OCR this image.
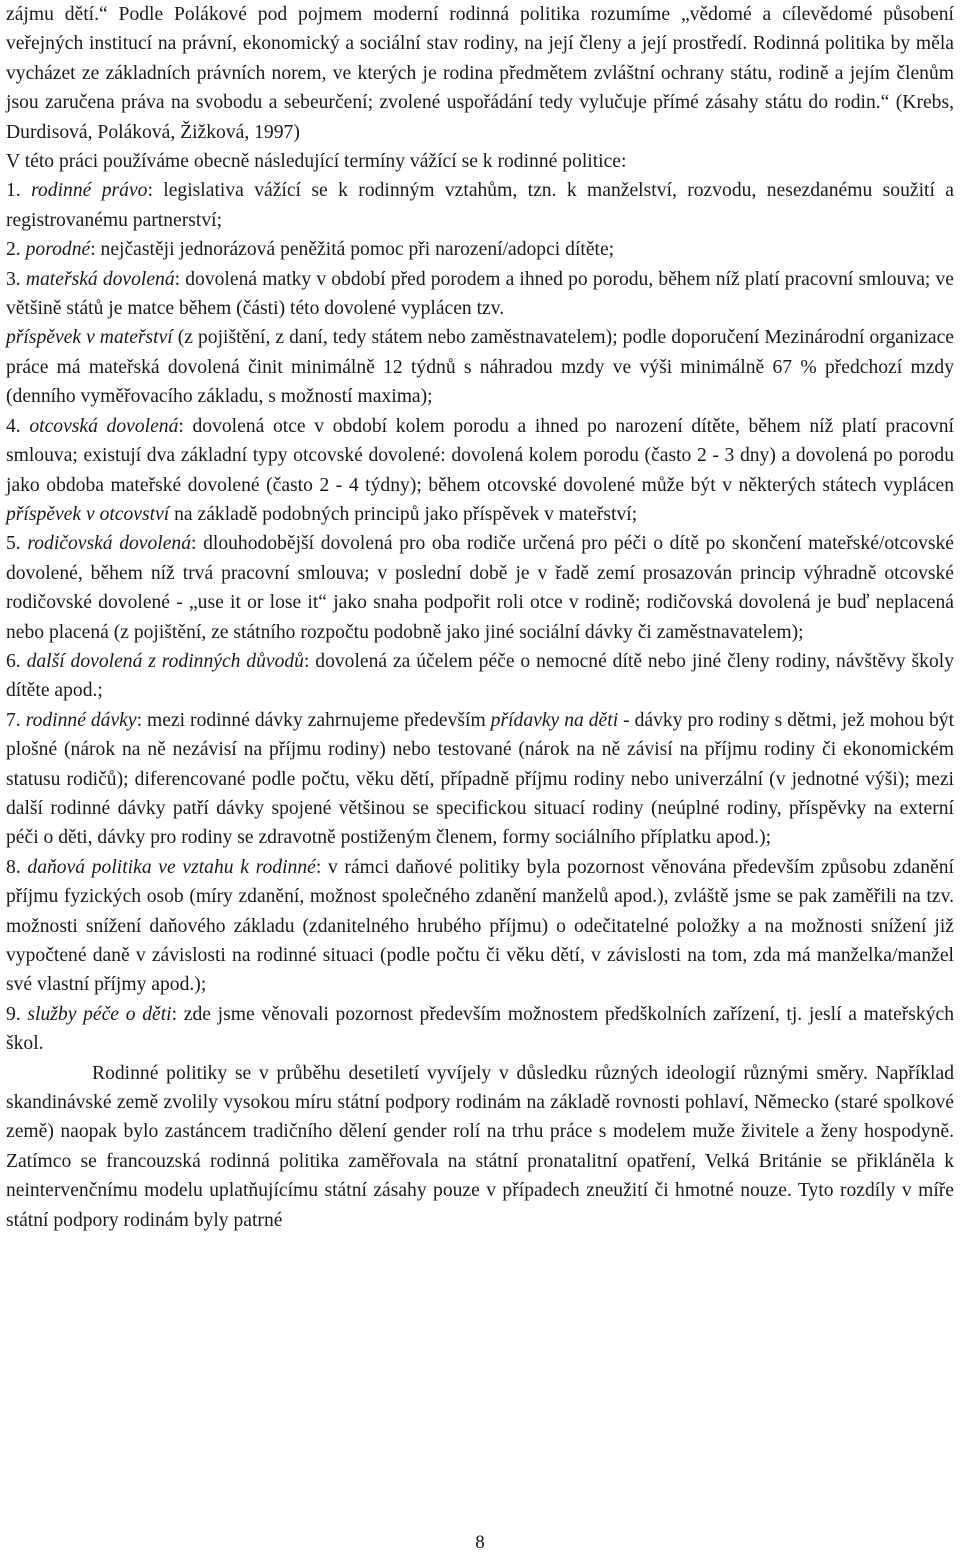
zájmu dětí.“ Podle Polákové pod pojmem moderní rodinná politika rozumíme „vědomé a cílevědomé působení veřejných institucí na právní, ekonomický a sociální stav rodiny, na její členy a její prostředí. Rodinná politika by měla vycházet ze základních právních norem, ve kterých je rodina předmětem zvláštní ochrany státu, rodině a jejím členům jsou zaručena práva na svobodu a sebeurčení; zvolené uspořádání tedy vylučuje přímé zásahy státu do rodin.“ (Krebs, Durdisová, Poláková, Žižková, 1997)

V této práci používáme obecně následující termíny vážící se k rodinné politice:

1. rodinné právo: legislativa vážící se k rodinným vztahům, tzn. k manželství, rozvodu, nesezdanému soužití a registrovanému partnerství;

2. porodné: nejčastěji jednorázová peněžitá pomoc při narození/adopci dítěte;

3. mateřská dovolená: dovolená matky v období před porodem a ihned po porodu, během níž platí pracovní smlouva; ve většině států je matce během (části) této dovolené vyplácen tzv.
příspěvek v mateřství (z pojištění, z daní, tedy státem nebo zaměstnavatelem); podle doporučení Mezinárodní organizace práce má mateřská dovolená činit minimálně 12 týdnů s náhradou mzdy ve výši minimálně 67 % předchozí mzdy (denního vyměřovacího základu, s možností maxima);

4. otcovská dovolená: dovolená otce v období kolem porodu a ihned po narození dítěte, během níž platí pracovní smlouva; existují dva základní typy otcovské dovolené: dovolená kolem porodu (často 2 - 3 dny) a dovolená po porodu jako obdoba mateřské dovolené (často 2 - 4 týdny); během otcovské dovolené může být v některých státech vyplácen příspěvek v otcovství na základě podobných principů jako příspěvek v mateřství;

5. rodičovská dovolená: dlouhodobější dovolená pro oba rodiče určená pro péči o dítě po skončení mateřské/otcovské dovolené, během níž trvá pracovní smlouva; v poslední době je v řadě zemí prosazován princip výhradně otcovské rodičovské dovolené - „use it or lose it“ jako snaha podpořit roli otce v rodině; rodičovská dovolená je buď neplacená nebo placená (z pojištění, ze státního rozpočtu podobně jako jiné sociální dávky či zaměstnavatelem);

6. další dovolená z rodinných důvodů: dovolená za účelem péče o nemocné dítě nebo jiné členy rodiny, návštěvy školy dítěte apod.;

7. rodinné dávky: mezi rodinné dávky zahrnujeme především přídavky na děti - dávky pro rodiny s dětmi, jež mohou být plošné (nárok na ně nezávisí na příjmu rodiny) nebo testované (nárok na ně závisí na příjmu rodiny či ekonomickém statusu rodičů); diferencované podle počtu, věku dětí, případně příjmu rodiny nebo univerzální (v jednotné výši); mezi další rodinné dávky patří dávky spojené většinou se specifickou situací rodiny (neúplné rodiny, příspěvky na externí péči o děti, dávky pro rodiny se zdravotně postiženým členem, formy sociálního příplatku apod.);

8. daňová politika ve vztahu k rodinné: v rámci daňové politiky byla pozornost věnována především způsobu zdanění příjmu fyzických osob (míry zdanění, možnost společného zdanění manželů apod.), zvláště jsme se pak zaměřili na tzv. možnosti snížení daňového základu (zdanitelného hrubého příjmu) o odečitatelné položky a na možnosti snížení již vypočtené daně v závislosti na rodinné situaci (podle počtu či věku dětí, v závislosti na tom, zda má manželka/manžel své vlastní příjmy apod.);

9. služby péče o děti: zde jsme věnovali pozornost především možnostem předškolních zařízení, tj. jeslí a mateřských škol.

Rodinné politiky se v průběhu desetiletí vyvíjely v důsledku různých ideologií různými směry. Například skandinávské země zvolily vysokou míru státní podpory rodinám na základě rovnosti pohlaví, Německo (staré spolkové země) naopak bylo zastáncem tradičního dělení gender rolí na trhu práce s modelem muže živitele a ženy hospodyně. Zatímco se francouzská rodinná politika zaměřovala na státní pronatalitní opatření, Velká Británie se přikláněla k neintervenčnímu modelu uplatňujícímu státní zásahy pouze v případech zneužití či hmotné nouze. Tyto rozdíly v míře státní podpory rodinám byly patrné

8
